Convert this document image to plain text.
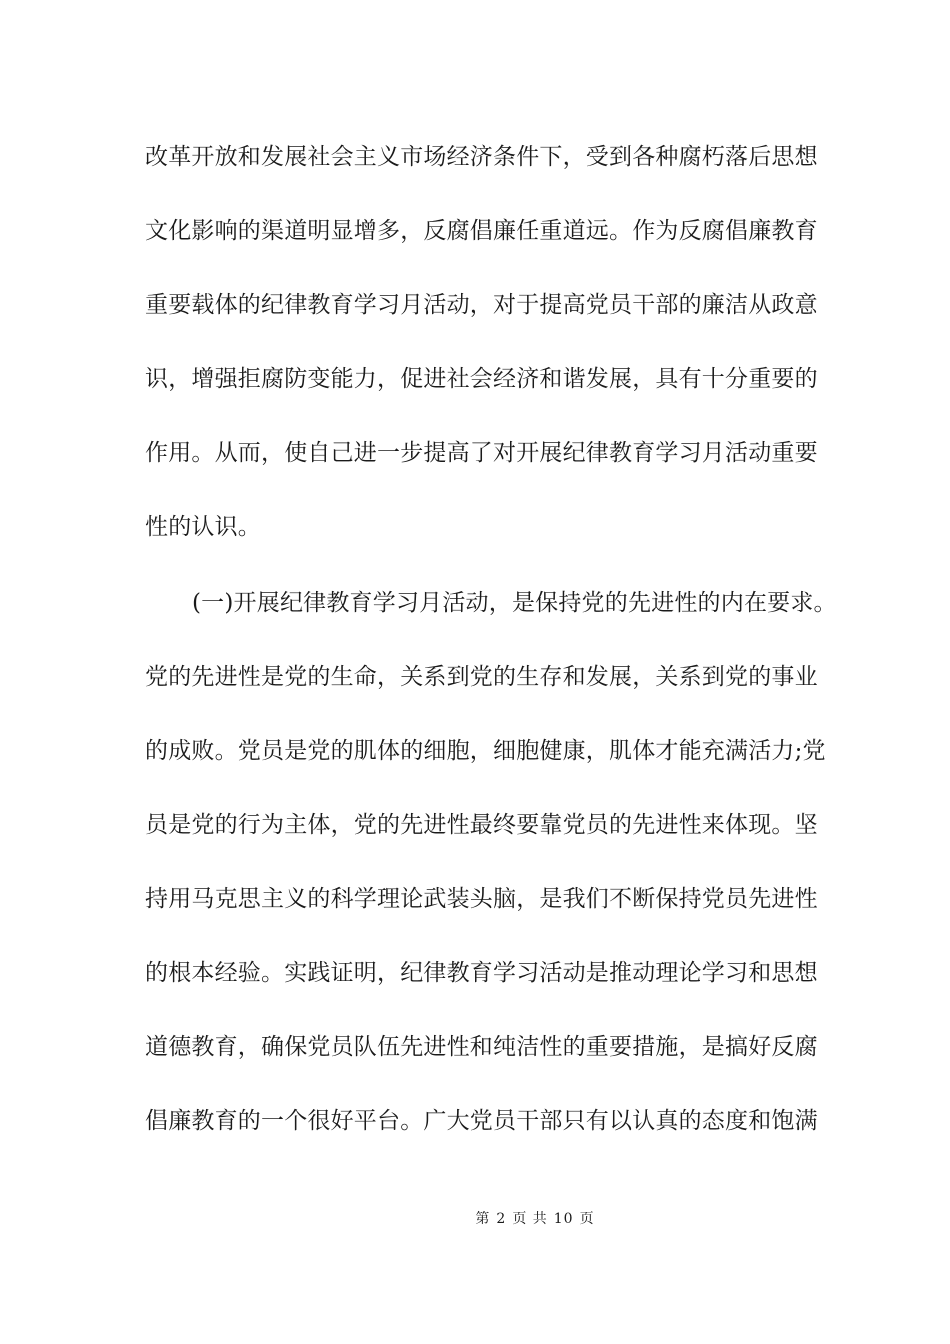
改革开放和发展社会主义市场经济条件下，受到各种腐朽落后思想
文化影响的渠道明显增多，反腐倡廉任重道远。作为反腐倡廉教育
重要载体的纪律教育学习月活动，对于提高党员干部的廉洁从政意
识，增强拒腐防变能力，促进社会经济和谐发展，具有十分重要的
作用。从而，使自己进一步提高了对开展纪律教育学习月活动重要
性的认识。
(一)开展纪律教育学习月活动，是保持党的先进性的内在要求。
党的先进性是党的生命，关系到党的生存和发展，关系到党的事业
的成败。党员是党的肌体的细胞，细胞健康，肌体才能充满活力;党
员是党的行为主体，党的先进性最终要靠党员的先进性来体现。坚
持用马克思主义的科学理论武装头脑，是我们不断保持党员先进性
的根本经验。实践证明，纪律教育学习活动是推动理论学习和思想
道德教育，确保党员队伍先进性和纯洁性的重要措施，是搞好反腐
倡廉教育的一个很好平台。广大党员干部只有以认真的态度和饱满
第 2 页 共 10 页
